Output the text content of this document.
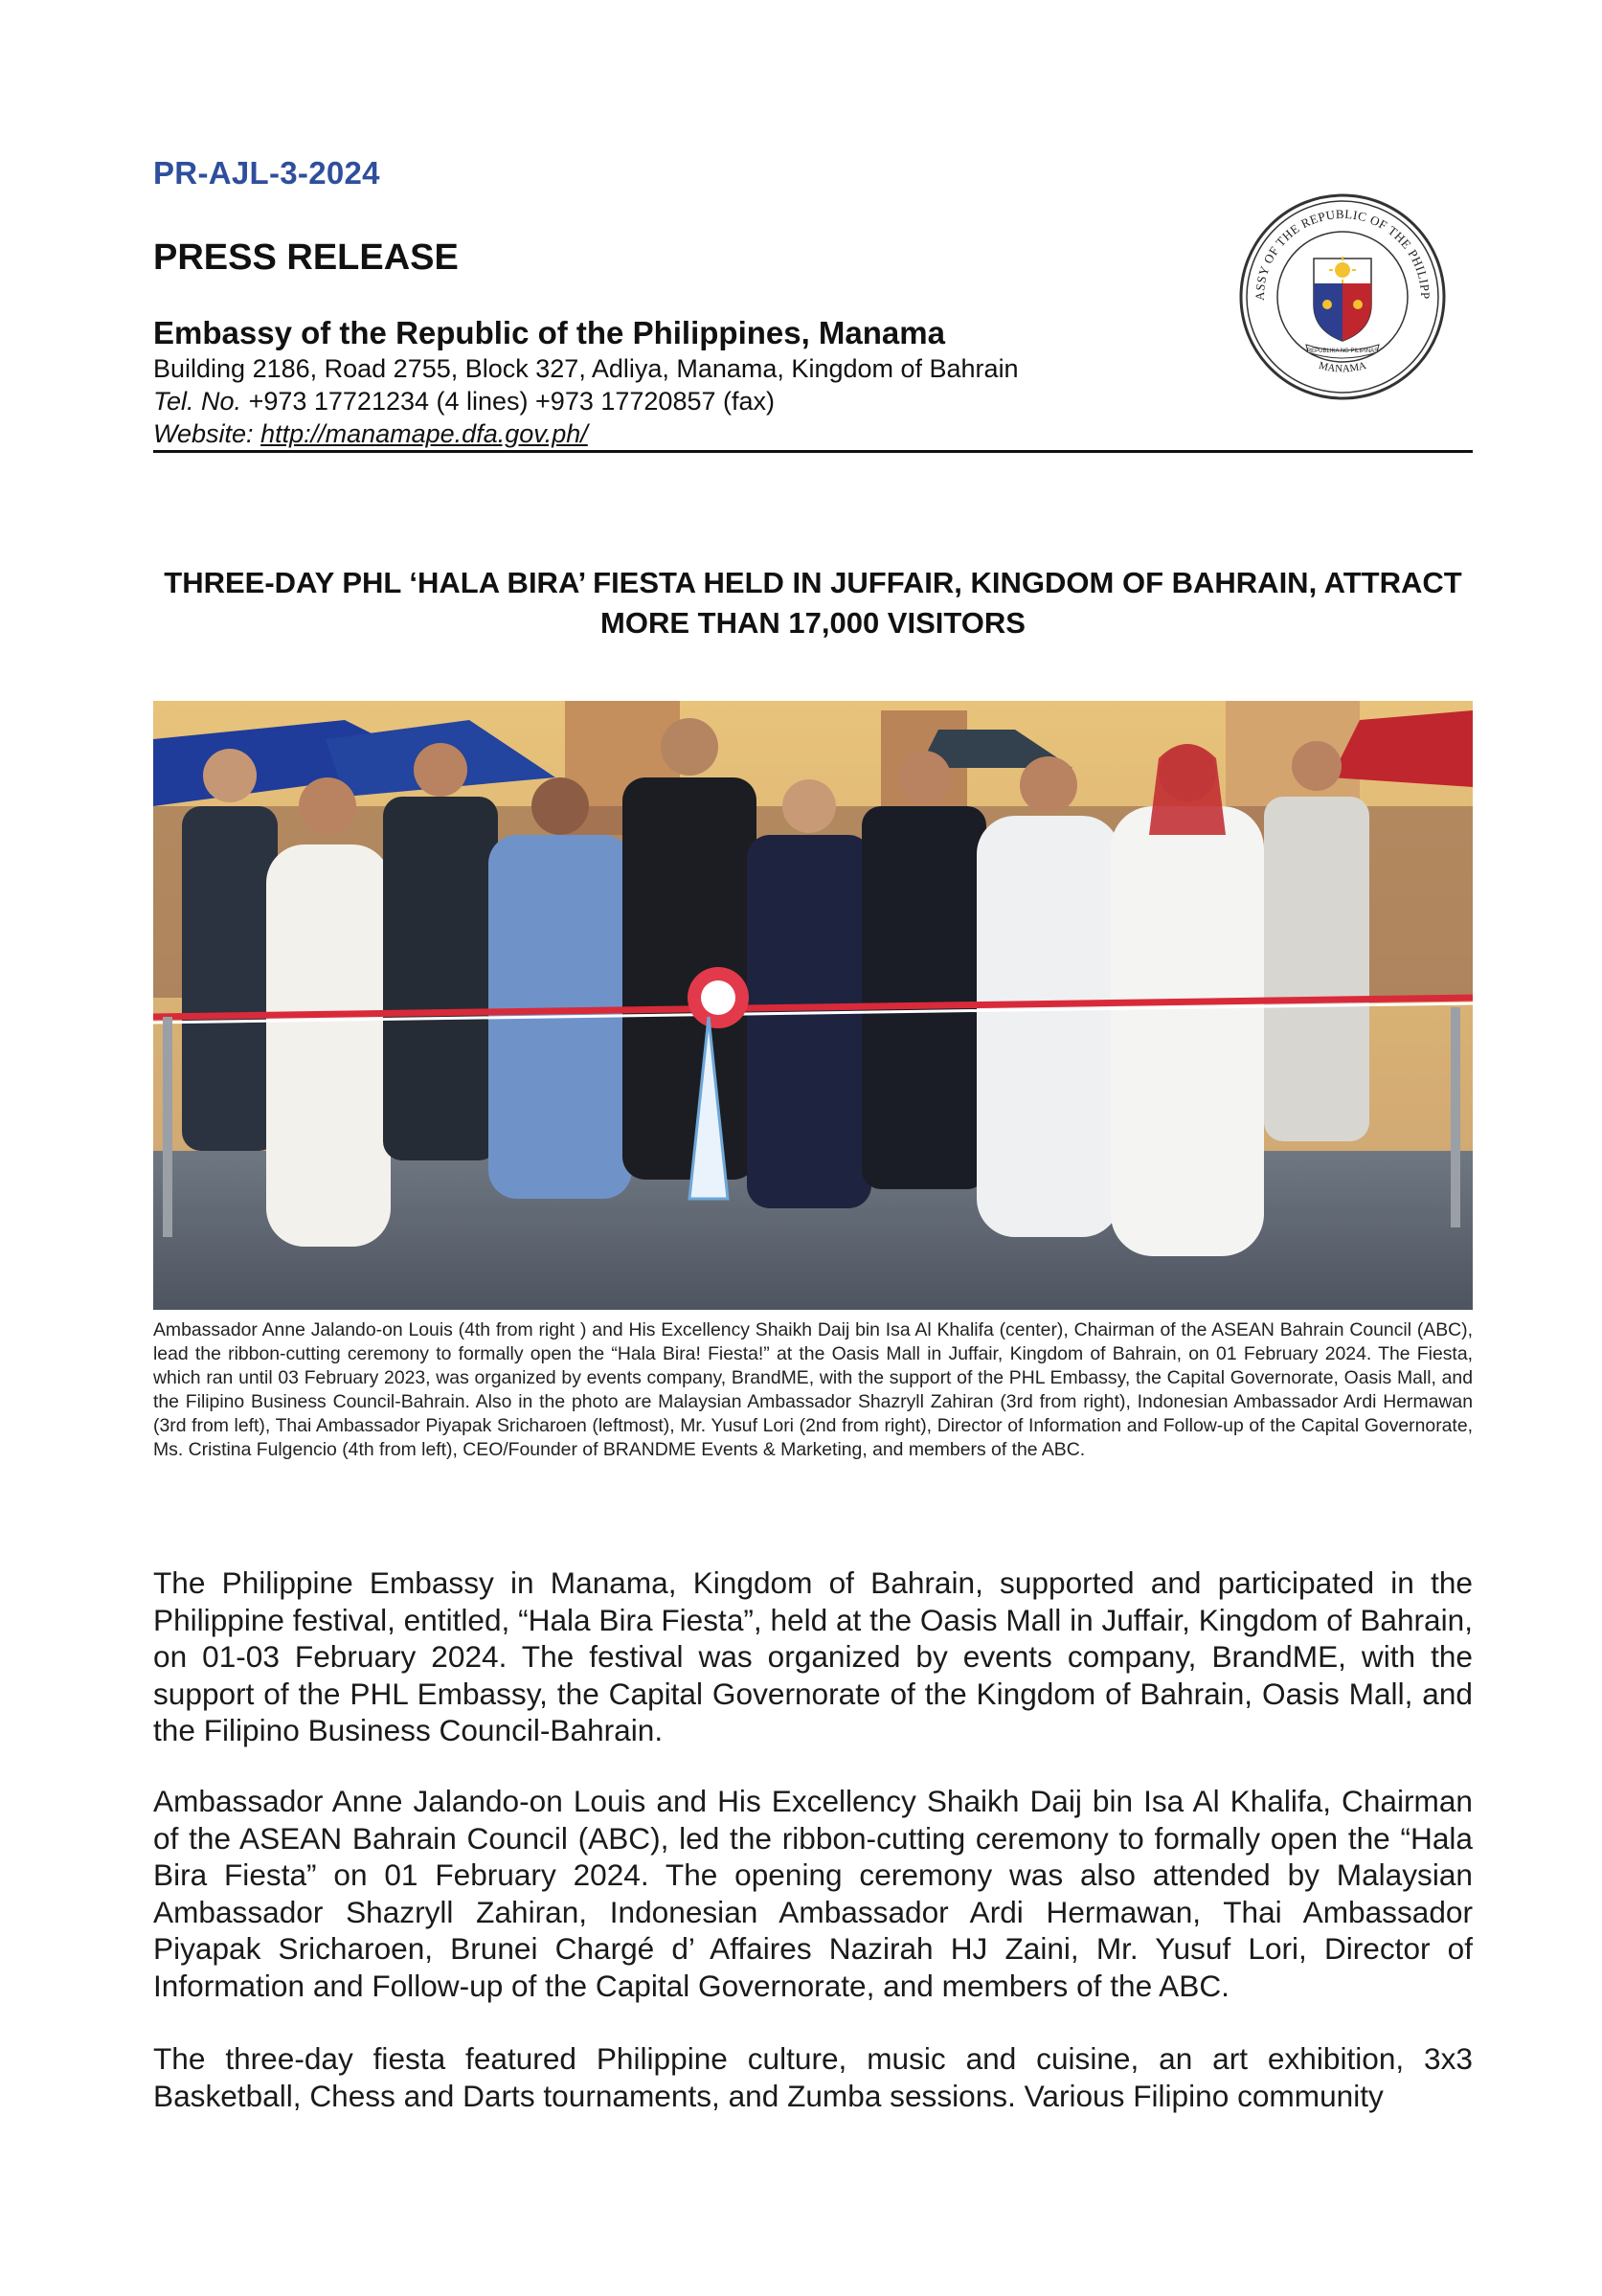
PR-AJL-3-2024
PRESS RELEASE
Embassy of the Republic of the Philippines, Manama
Building 2186, Road 2755, Block 327, Adliya, Manama, Kingdom of Bahrain
Tel. No. +973 17721234 (4 lines) +973 17720857 (fax)
Website: http://manamape.dfa.gov.ph/
ASSY OF THE REPUBLIC OF THE PHILIPP
MANAMA
REPUBLIKA NG PILIPINAS
THREE-DAY PHL ‘HALA BIRA’ FIESTA HELD IN JUFFAIR, KINGDOM OF BAHRAIN, ATTRACT MORE THAN 17,000 VISITORS
Ambassador Anne Jalando-on Louis (4th from right ) and His Excellency Shaikh Daij bin Isa Al Khalifa (center), Chairman of the ASEAN Bahrain Council (ABC), lead the ribbon-cutting ceremony to formally open the “Hala Bira! Fiesta!” at the Oasis Mall in Juffair, Kingdom of Bahrain, on 01 February 2024. The Fiesta, which ran until 03 February 2023, was organized by events company, BrandME, with the support of the PHL Embassy, the Capital Governorate, Oasis Mall, and the Filipino Business Council-Bahrain. Also in the photo are Malaysian Ambassador Shazryll Zahiran (3rd from right), Indonesian Ambassador Ardi Hermawan (3rd from left), Thai Ambassador Piyapak Sricharoen (leftmost), Mr. Yusuf Lori (2nd from right), Director of Information and Follow-up of the Capital Governorate, Ms. Cristina Fulgencio (4th from left), CEO/Founder of BRANDME Events & Marketing, and members of the ABC.
The Philippine Embassy in Manama, Kingdom of Bahrain, supported and participated in the Philippine festival, entitled, “Hala Bira Fiesta”, held at the Oasis Mall in Juffair, Kingdom of Bahrain, on 01-03 February 2024. The festival was organized by events company, BrandME, with the support of the PHL Embassy, the Capital Governorate of the Kingdom of Bahrain, Oasis Mall, and the Filipino Business Council-Bahrain.
Ambassador Anne Jalando-on Louis and His Excellency Shaikh Daij bin Isa Al Khalifa, Chairman of the ASEAN Bahrain Council (ABC), led the ribbon-cutting ceremony to formally open the “Hala Bira Fiesta” on 01 February 2024. The opening ceremony was also attended by Malaysian Ambassador Shazryll Zahiran, Indonesian Ambassador Ardi Hermawan, Thai Ambassador Piyapak Sricharoen, Brunei Chargé d’ Affaires Nazirah HJ Zaini, Mr. Yusuf Lori, Director of Information and Follow-up of the Capital Governorate, and members of the ABC.
The three-day fiesta featured Philippine culture, music and cuisine, an art exhibition, 3x3 Basketball, Chess and Darts tournaments, and Zumba sessions. Various Filipino community
